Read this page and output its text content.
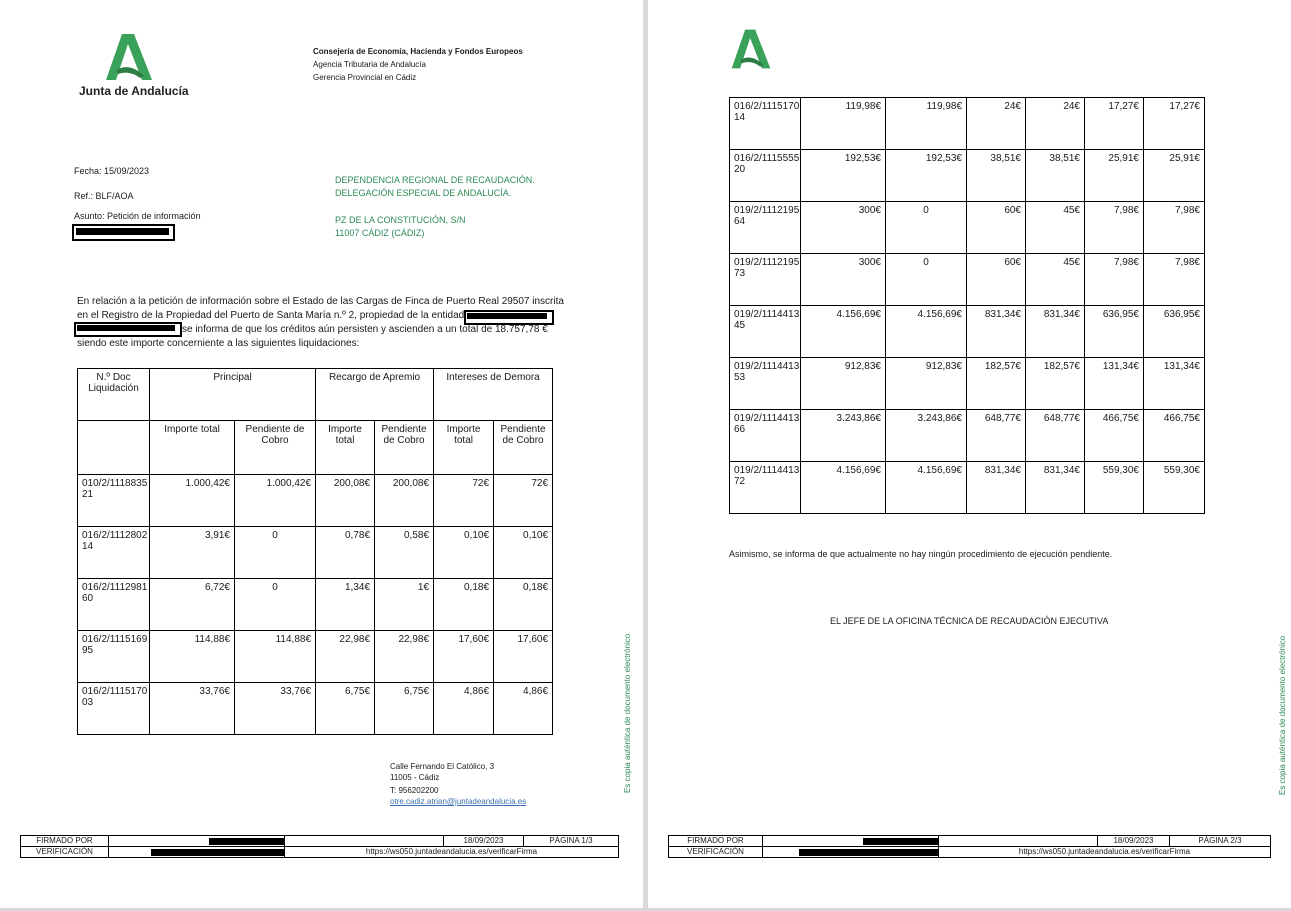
Junta de Andalucía
Consejería de Economía, Hacienda y Fondos Europeos
Agencia Tributaria de Andalucía
Gerencia Provincial en Cádiz
Fecha: 15/09/2023
Ref.: BLF/AOA
Asunto: Petición de información
DEPENDENCIA REGIONAL DE RECAUDACIÓN.
DELEGACIÓN ESPECIAL DE ANDALUCÍA.
PZ DE LA CONSTITUCIÓN, S/N
11007 CÁDIZ (CÁDIZ)
En relación a la petición de información sobre el Estado de las Cargas de Finca de Puerto Real 29507 inscrita
en el Registro de la Propiedad del Puerto de Santa María n.º 2, propiedad de la entidad
se informa de que los créditos aún persisten y ascienden a un total de 18.757,78 €
siendo este importe concerniente a las siguientes liquidaciones:
N.º Doc Liquidación	Principal		Recargo de Apremio		Intereses de Demora	
	Importe total	Pendiente de Cobro	Importe total	Pendiente de Cobro	Importe total	Pendiente de Cobro
010/2/1118835 21	1.000,42€	1.000,42€	200,08€	200,08€	72€	72€
016/2/1112802 14	3,91€	0	0,78€	0,58€	0,10€	0,10€
016/2/1112981 60	6,72€	0	1,34€	1€	0,18€	0,18€
016/2/1115169 95	114,88€	114,88€	22,98€	22,98€	17,60€	17,60€
016/2/1115170 03	33,76€	33,76€	6,75€	6,75€	4,86€	4,86€
Calle Fernando El Católico, 3
11005 - Cádiz
T: 956202200
otre.cadiz.atrian@juntadeandalucia.es
Es copia auténtica de documento electrónico
FIRMADO POR			18/09/2023	PÁGINA 1/3
VERIFICACIÓN		https://ws050.juntadeandalucia.es/verificarFirma		
016/2/1115170 14	119,98€	119,98€	24€	24€	17,27€	17,27€
016/2/1115555 20	192,53€	192,53€	38,51€	38,51€	25,91€	25,91€
019/2/1112195 64	300€	0	60€	45€	7,98€	7,98€
019/2/1112195 73	300€	0	60€	45€	7,98€	7,98€
019/2/1114413 45	4.156,69€	4.156,69€	831,34€	831,34€	636,95€	636,95€
019/2/1114413 53	912,83€	912,83€	182,57€	182,57€	131,34€	131,34€
019/2/1114413 66	3.243,86€	3.243,86€	648,77€	648,77€	466,75€	466,75€
019/2/1114413 72	4.156,69€	4.156,69€	831,34€	831,34€	559,30€	559,30€
Asimismo, se informa de que actualmente no hay ningún procedimiento de ejecución pendiente.
EL JEFE DE LA OFICINA TÉCNICA DE RECAUDACIÓN EJECUTIVA
Es copia auténtica de documento electrónico
FIRMADO POR			18/09/2023	PÁGINA 2/3
VERIFICACIÓN		https://ws050.juntadeandalucia.es/verificarFirma		
